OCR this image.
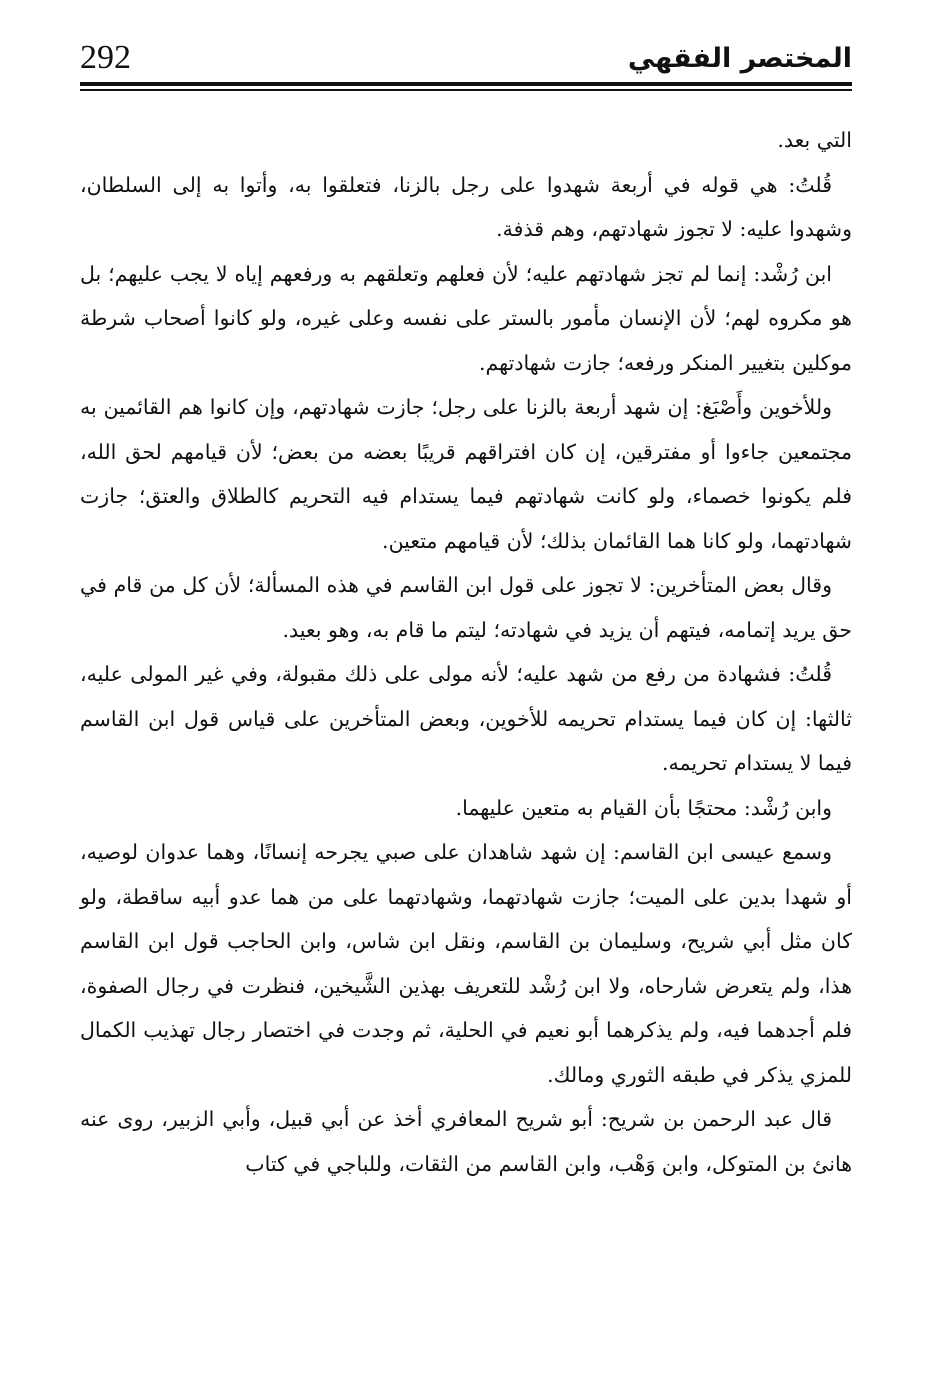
292	المختصر الفقهي

التي بعد.

قُلتُ: هي قوله في أربعة شهدوا على رجل بالزنا، فتعلقوا به، وأتوا به إلى السلطان، وشهدوا عليه: لا تجوز شهادتهم، وهم قذفة.

ابن رُشْد: إنما لم تجز شهادتهم عليه؛ لأن فعلهم وتعلقهم به ورفعهم إياه لا يجب عليهم؛ بل هو مكروه لهم؛ لأن الإنسان مأمور بالستر على نفسه وعلى غيره، ولو كانوا أصحاب شرطة موكلين بتغيير المنكر ورفعه؛ جازت شهادتهم.

وللأخوين وأَصْبَغ: إن شهد أربعة بالزنا على رجل؛ جازت شهادتهم، وإن كانوا هم القائمين به مجتمعين جاءوا أو مفترقين، إن كان افتراقهم قريبًا بعضه من بعض؛ لأن قيامهم لحق الله، فلم يكونوا خصماء، ولو كانت شهادتهم فيما يستدام فيه التحريم كالطلاق والعتق؛ جازت شهادتهما، ولو كانا هما القائمان بذلك؛ لأن قيامهم متعين.

وقال بعض المتأخرين: لا تجوز على قول ابن القاسم في هذه المسألة؛ لأن كل من قام في حق يريد إتمامه، فيتهم أن يزيد في شهادته؛ ليتم ما قام به، وهو بعيد.

قُلتُ: فشهادة من رفع من شهد عليه؛ لأنه مولى على ذلك مقبولة، وفي غير المولى عليه، ثالثها: إن كان فيما يستدام تحريمه للأخوين، وبعض المتأخرين على قياس قول ابن القاسم فيما لا يستدام تحريمه.

وابن رُشْد: محتجًا بأن القيام به متعين عليهما.

وسمع عيسى ابن القاسم: إن شهد شاهدان على صبي يجرحه إنسانًا، وهما عدوان لوصيه، أو شهدا بدين على الميت؛ جازت شهادتهما، وشهادتهما على من هما عدو أبيه ساقطة، ولو كان مثل أبي شريح، وسليمان بن القاسم، ونقل ابن شاس، وابن الحاجب قول ابن القاسم هذا، ولم يتعرض شارحاه، ولا ابن رُشْد للتعريف بهذين الشَّيخين، فنظرت في رجال الصفوة، فلم أجدهما فيه، ولم يذكرهما أبو نعيم في الحلية، ثم وجدت في اختصار رجال تهذيب الكمال للمزي يذكر في طبقه الثوري ومالك.

قال عبد الرحمن بن شريح: أبو شريح المعافري أخذ عن أبي قبيل، وأبي الزبير، روى عنه هانئ بن المتوكل، وابن وَهْب، وابن القاسم من الثقات، وللباجي في كتاب
